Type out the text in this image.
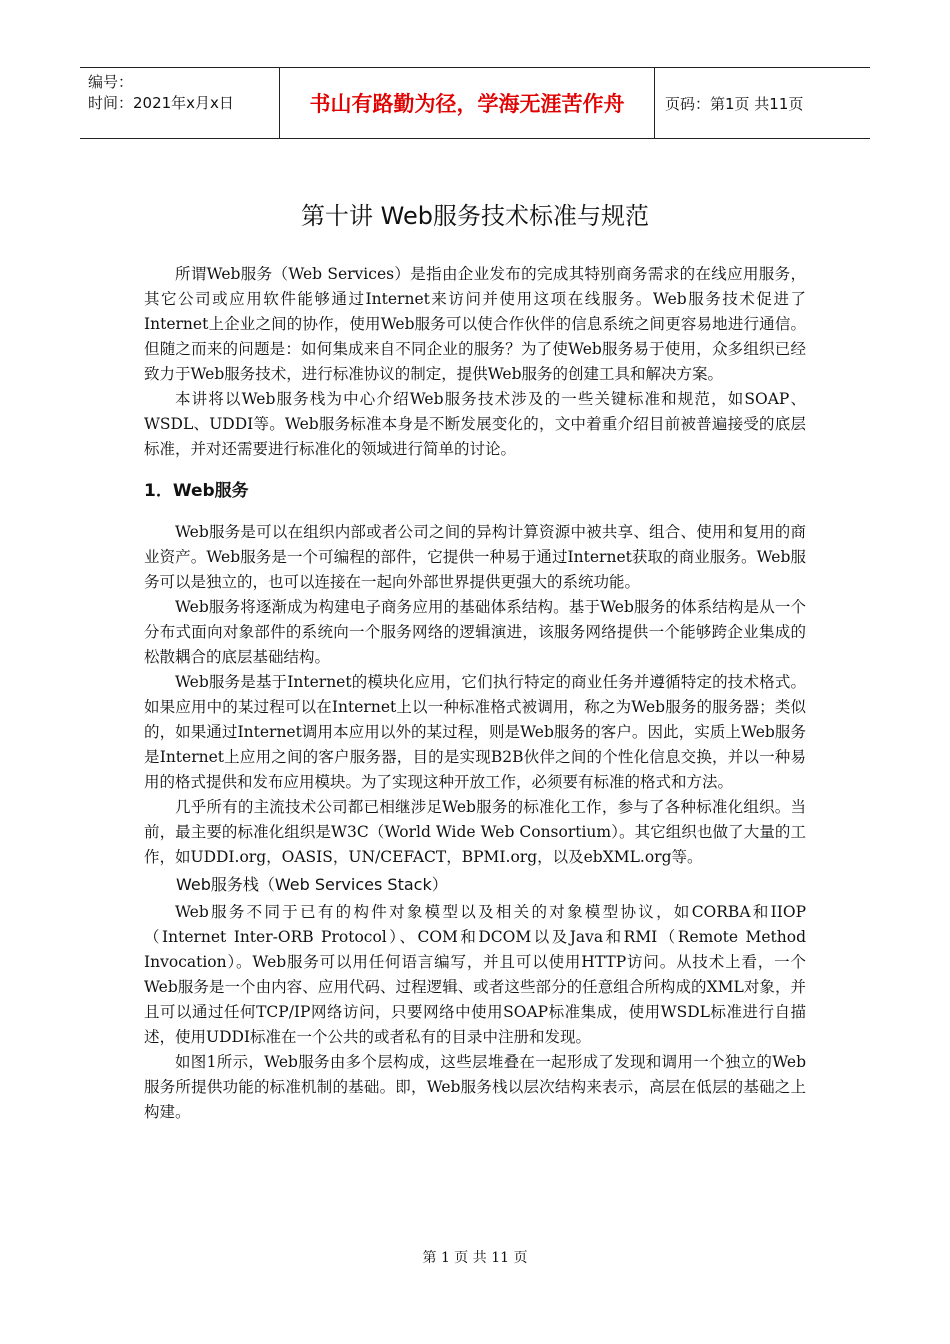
编号：
时间：2021年x月x日	书山有路勤为径，学海无涯苦作舟	页码：第1页 共11页
第十讲 Web服务技术标准与规范

所谓Web服务（Web Services）是指由企业发布的完成其特别商务需求的在线应用服务，其它公司或应用软件能够通过Internet来访问并使用这项在线服务。Web服务技术促进了Internet上企业之间的协作，使用Web服务可以使合作伙伴的信息系统之间更容易地进行通信。但随之而来的问题是：如何集成来自不同企业的服务？为了使Web服务易于使用，众多组织已经致力于Web服务技术，进行标准协议的制定，提供Web服务的创建工具和解决方案。

本讲将以Web服务栈为中心介绍Web服务技术涉及的一些关键标准和规范，如SOAP、WSDL、UDDI等。Web服务标准本身是不断发展变化的，文中着重介绍目前被普遍接受的底层标准，并对还需要进行标准化的领域进行简单的讨论。

1．Web服务

Web服务是可以在组织内部或者公司之间的异构计算资源中被共享、组合、使用和复用的商业资产。Web服务是一个可编程的部件，它提供一种易于通过Internet获取的商业服务。Web服务可以是独立的，也可以连接在一起向外部世界提供更强大的系统功能。

Web服务将逐渐成为构建电子商务应用的基础体系结构。基于Web服务的体系结构是从一个分布式面向对象部件的系统向一个服务网络的逻辑演进，该服务网络提供一个能够跨企业集成的松散耦合的底层基础结构。

Web服务是基于Internet的模块化应用，它们执行特定的商业任务并遵循特定的技术格式。如果应用中的某过程可以在Internet上以一种标准格式被调用，称之为Web服务的服务器；类似的，如果通过Internet调用本应用以外的某过程，则是Web服务的客户。因此，实质上Web服务是Internet上应用之间的客户服务器，目的是实现B2B伙伴之间的个性化信息交换，并以一种易用的格式提供和发布应用模块。为了实现这种开放工作，必须要有标准的格式和方法。

几乎所有的主流技术公司都已相继涉足Web服务的标准化工作，参与了各种标准化组织。当前，最主要的标准化组织是W3C（World Wide Web Consortium）。其它组织也做了大量的工作，如UDDI.org，OASIS，UN/CEFACT，BPMI.org，以及ebXML.org等。

Web服务栈（Web Services Stack）

Web服务不同于已有的构件对象模型以及相关的对象模型协议，如CORBA和IIOP（Internet Inter-ORB Protocol）、COM和DCOM以及Java和RMI（Remote Method Invocation）。Web服务可以用任何语言编写，并且可以使用HTTP访问。从技术上看，一个Web服务是一个由内容、应用代码、过程逻辑、或者这些部分的任意组合所构成的XML对象，并且可以通过任何TCP/IP网络访问，只要网络中使用SOAP标准集成，使用WSDL标准进行自描述，使用UDDI标准在一个公共的或者私有的目录中注册和发现。

如图1所示，Web服务由多个层构成，这些层堆叠在一起形成了发现和调用一个独立的Web服务所提供功能的标准机制的基础。即，Web服务栈以层次结构来表示，高层在低层的基础之上构建。

第 1 页 共 11 页
